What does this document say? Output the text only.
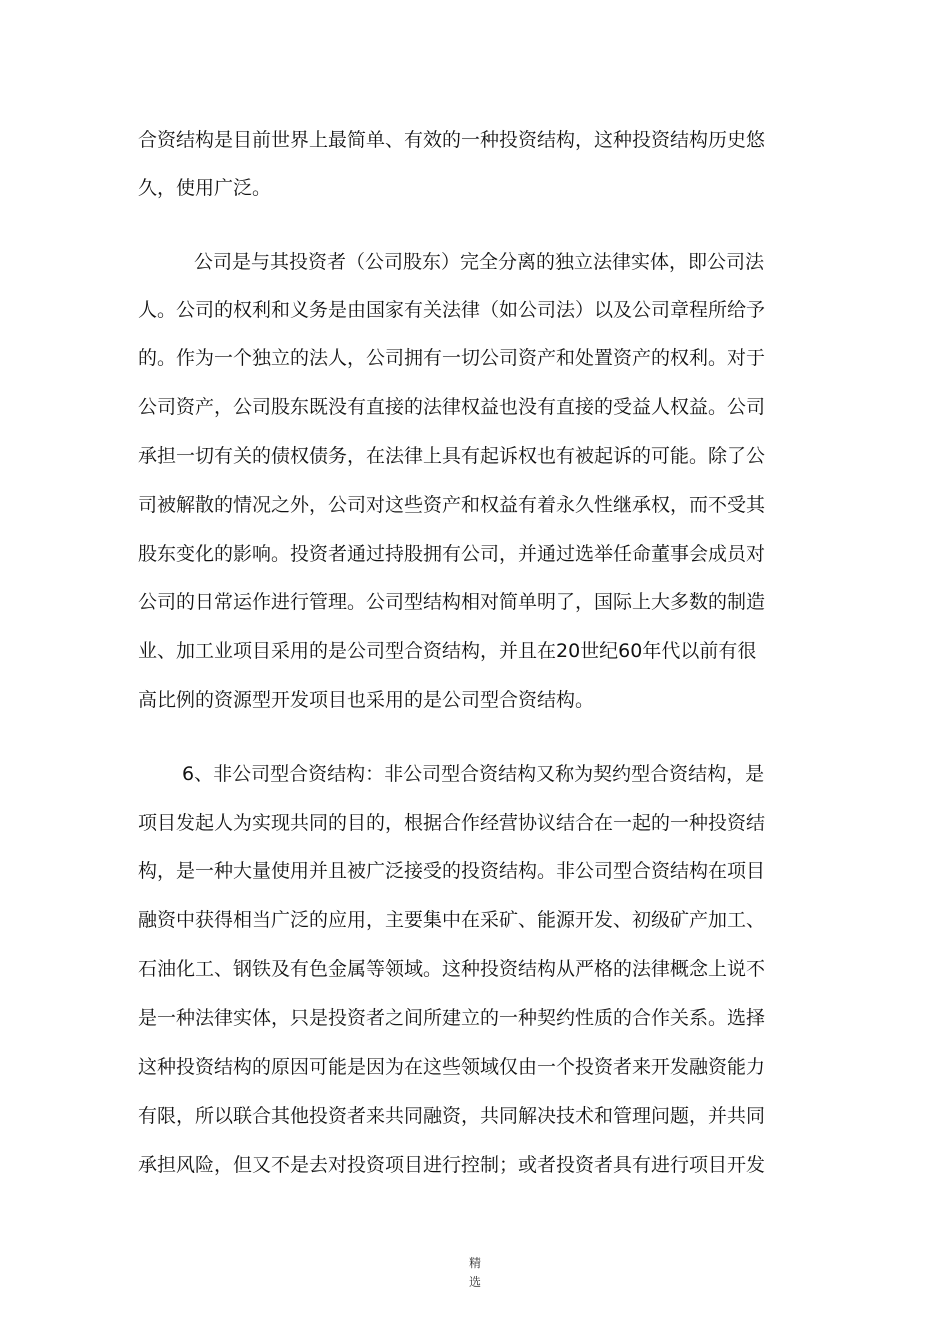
合资结构是目前世界上最简单、有效的一种投资结构，这种投资结构历史悠
久，使用广泛。
公司是与其投资者（公司股东）完全分离的独立法律实体，即公司法
人。公司的权利和义务是由国家有关法律（如公司法）以及公司章程所给予
的。作为一个独立的法人，公司拥有一切公司资产和处置资产的权利。对于
公司资产，公司股东既没有直接的法律权益也没有直接的受益人权益。公司
承担一切有关的债权债务，在法律上具有起诉权也有被起诉的可能。除了公
司被解散的情况之外，公司对这些资产和权益有着永久性继承权，而不受其
股东变化的影响。投资者通过持股拥有公司，并通过选举任命董事会成员对
公司的日常运作进行管理。公司型结构相对简单明了，国际上大多数的制造
业、加工业项目采用的是公司型合资结构，并且在20世纪60年代以前有很
高比例的资源型开发项目也采用的是公司型合资结构。
6、非公司型合资结构：非公司型合资结构又称为契约型合资结构，是
项目发起人为实现共同的目的，根据合作经营协议结合在一起的一种投资结
构，是一种大量使用并且被广泛接受的投资结构。非公司型合资结构在项目
融资中获得相当广泛的应用，主要集中在采矿、能源开发、初级矿产加工、
石油化工、钢铁及有色金属等领域。这种投资结构从严格的法律概念上说不
是一种法律实体，只是投资者之间所建立的一种契约性质的合作关系。选择
这种投资结构的原因可能是因为在这些领域仅由一个投资者来开发融资能力
有限，所以联合其他投资者来共同融资，共同解决技术和管理问题，并共同
承担风险，但又不是去对投资项目进行控制；或者投资者具有进行项目开发
精
选
